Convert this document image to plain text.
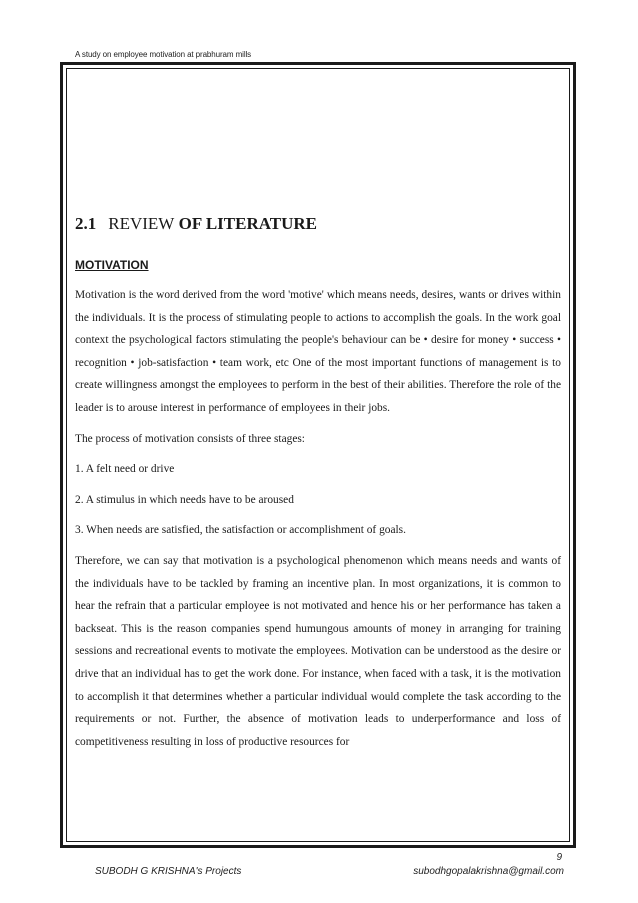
A study on employee motivation at prabhuram mills
2.1 REVIEW OF LITERATURE
MOTIVATION

Motivation is the word derived from the word 'motive' which means needs, desires, wants or drives within the individuals. It is the process of stimulating people to actions to accomplish the goals. In the work goal context the psychological factors stimulating the people's behaviour can be • desire for money • success • recognition • job-satisfaction • team work, etc One of the most important functions of management is to create willingness amongst the employees to perform in the best of their abilities. Therefore the role of the leader is to arouse interest in performance of employees in their jobs.

The process of motivation consists of three stages:

1. A felt need or drive

2. A stimulus in which needs have to be aroused

3. When needs are satisfied, the satisfaction or accomplishment of goals.

Therefore, we can say that motivation is a psychological phenomenon which means needs and wants of the individuals have to be tackled by framing an incentive plan. In most organizations, it is common to hear the refrain that a particular employee is not motivated and hence his or her performance has taken a backseat. This is the reason companies spend humungous amounts of money in arranging for training sessions and recreational events to motivate the employees. Motivation can be understood as the desire or drive that an individual has to get the work done. For instance, when faced with a task, it is the motivation to accomplish it that determines whether a particular individual would complete the task according to the requirements or not. Further, the absence of motivation leads to underperformance and loss of competitiveness resulting in loss of productive resources for

9
SUBODH G KRISHNA's Projects	subodhgopalakrishna@gmail.com
